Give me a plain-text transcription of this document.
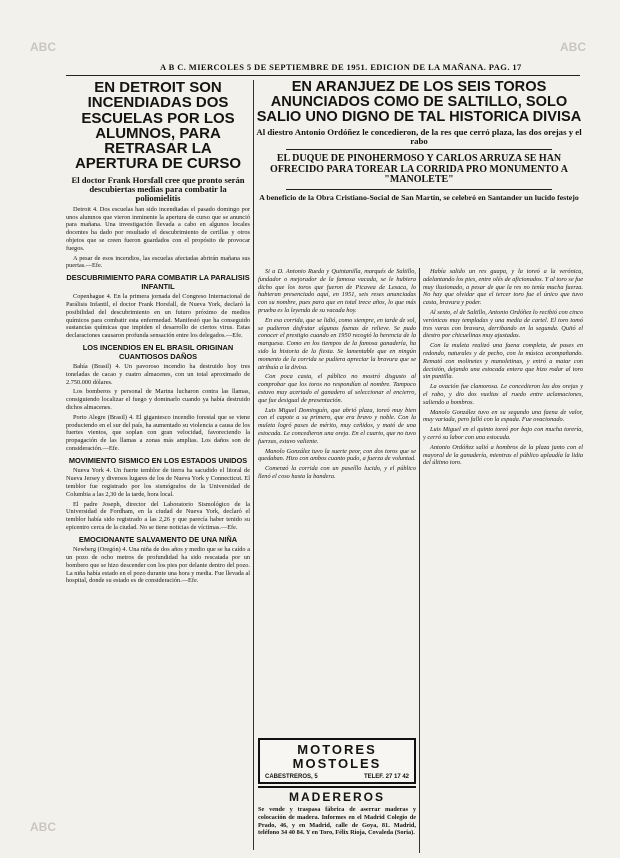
ABC	ABC
ABC
A B C. MIERCOLES 5 DE SEPTIEMBRE DE 1951. EDICION DE LA MAÑANA. PAG. 17
EN DETROIT SON INCENDIADAS DOS ESCUELAS POR LOS ALUMNOS, PARA RETRASAR LA APERTURA DE CURSO
El doctor Frank Horsfall cree que pronto serán descubiertas medias para combatir la poliomielitis

Detroit 4. Dos escuelas han sido incendiadas el pasado domingo por unos alumnos que vieron inminente la apertura de curso que se anunció para mañana. Una investigación llevada a cabo en algunos locales docentes ha dado por resultado el descubrimiento de cerillas y otros objetos que se creen fueron guardados con el propósito de provocar fuegos.

A pesar de esos incendios, las escuelas afectadas abrirán mañana sus puertas.—Efe.

DESCUBRIMIENTO PARA COMBATIR LA PARALISIS INFANTIL

Copenhague 4. En la primera jornada del Congreso Internacional de Parálisis Infantil, el doctor Frank Horsfall, de Nueva York, declaró la posibilidad del descubrimiento en un futuro próximo de medios químicos para combatir esta enfermedad. Manifestó que ha conseguido sustancias químicas que impiden el desarrollo de ciertos virus. Estas declaraciones causaron profunda sensación entre los delegados.—Efe.

LOS INCENDIOS EN EL BRASIL ORIGINAN CUANTIOSOS DAÑOS

Bahía (Brasil) 4. Un pavoroso incendio ha destruido hoy tres toneladas de cacao y cuatro almacenes, con un total aproximado de 2.750.000 dólares.

Los bomberos y personal de Marina lucharon contra las llamas, consiguiendo localizar el fuego y dominarlo cuando ya había destruido dichos almacenes.

Porto Alegre (Brasil) 4. El gigantesco incendio forestal que se viene produciendo en el sur del país, ha aumentado su violencia a causa de los fuertes vientos, que soplan con gran velocidad, favoreciendo la propagación de las llamas a zonas más amplias. Los daños son de consideración.—Efe.

MOVIMIENTO SISMICO EN LOS ESTADOS UNIDOS

Nueva York 4. Un fuerte temblor de tierra ha sacudido el litoral de Nueva Jersey y diversos lugares de los de Nueva York y Connecticut. El temblor fue registrado por los sismógrafos de la Universidad de Columbia a las 2,30 de la tarde, hora local.

El padre Joseph, director del Laboratorio Sismológico de la Universidad de Fordham, en la ciudad de Nueva York, declaró el temblor había sido registrado a las 2,26 y que parecía haber tenido su epicentro cerca de la ciudad. No se tiene noticias de víctimas.—Efe.

EMOCIONANTE SALVAMENTO DE UNA NIÑA

Newberg (Oregón) 4. Una niña de dos años y medio que se ha caído a un pozo de ocho metros de profundidad ha sido rescatada por un bombero que se hizo descender con los pies por delante dentro del pozo. La niña había estado en el pozo durante una hora y media. Fue llevada al hospital, donde su estado es de consideración.—Efe.

EN ARANJUEZ DE LOS SEIS TOROS ANUNCIADOS COMO DE SALTILLO, SOLO SALIO UNO DIGNO DE TAL HISTORICA DIVISA
Al diestro Antonio Ordóñez le concedieron, de la res que cerró plaza, las dos orejas y el rabo
EL DUQUE DE PINOHERMOSO Y CARLOS ARRUZA SE HAN OFRECIDO PARA TOREAR LA CORRIDA PRO MONUMENTO A "MANOLETE"
A beneficio de la Obra Cristiano-Social de San Martín, se celebró en Santander un lucido festejo

Si a D. Antonio Rueda y Quintanilla, marqués de Saltillo, fundador o mejorador de la famosa vacada, se le hubiera dicho que los toros que fueron de Picavea de Lesaca, lo hubieran presenciado aquí, en 1951, seis reses anunciadas con su nombre, pues para que en total trece años, lo que más prueba es la leyenda de su vacada hoy.

En esa corrida, que se lidió, como siempre, en tarde de sol, se pudieron disfrutar algunas faenas de relieve. Se pudo conocer el prestigio cuando en 1950 recogió la herencia de la marquesa. Como en los tiempos de la famosa ganadería, ha sido la historia de la fiesta. Se lamentable que en ningún momento de la corrida se pudiera apreciar la bravura que se atribuía a la divisa.

Con poca casta, el público no mostró disgusto al comprobar que los toros no respondían al nombre. Tampoco estuvo muy acertado el ganadero al seleccionar el encierro, que fue desigual de presentación.

Luis Miguel Dominguín, que abrió plaza, toreó muy bien con el capote a su primero, que era bravo y noble. Con la muleta logró pases de mérito, muy ceñidos, y mató de una estocada. Le concedieron una oreja. En el cuarto, que no tuvo fuerzas, estuvo valiente.

Manolo González tuvo la suerte peor, con dos toros que se quedaban. Hizo con ambos cuanto pudo, a fuerza de voluntad.

Comenzó la corrida con un paseíllo lucido, y el público llenó el coso hasta la bandera.

Había salido un res guapa, y la toreó a la verónica, adelantando los pies, entre olés de aficionados. Y al toro se fue muy ilusionado, a pesar de que la res no tenía mucha fuerza. No hay que olvidar que el tercer toro fue el único que tuvo casta, bravura y poder.

Al sexto, el de Saltillo, Antonio Ordóñez lo recibió con cinco verónicas muy templadas y una media de cartel. El toro tomó tres varas con bravura, derribando en la segunda. Quitó el diestro por chicuelinas muy ajustadas.

Con la muleta realizó una faena completa, de pases en redondo, naturales y de pecho, con la música acompañando. Remató con molinetes y manoletinas, y entró a matar con decisión, dejando una estocada entera que hizo rodar al toro sin puntilla.

La ovación fue clamorosa. Le concedieron las dos orejas y el rabo, y dio dos vueltas al ruedo entre aclamaciones, saliendo a hombros.

Manolo González tuvo en su segundo una faena de valor, muy variada, pero falló con la espada. Fue ovacionado.

Luis Miguel en el quinto toreó por bajo con mucha torería, y cerró su labor con una estocada.

Antonio Ordóñez salió a hombros de la plaza junto con el mayoral de la ganadería, mientras el público aplaudía la lidia del último toro.

MOTORES MOSTOLES
CABESTREROS, 5	TELEF. 27 17 42
MADEREROS

Se vende y traspasa fábrica de aserrar maderas y colocación de madera. Informes en el Madrid Colegio de Prado, 46, y en Madrid, calle de Goya, 81. Madrid, teléfono 34 40 84. Y en Toro, Félix Rioja, Covaleda (Soria).
